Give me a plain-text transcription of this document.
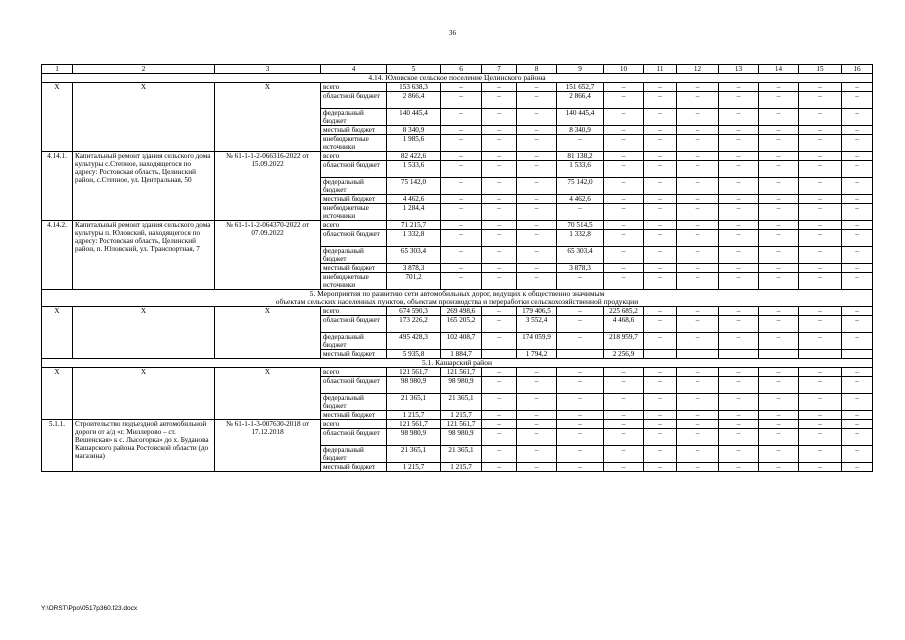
36
1	2	3	4	5	6	7	8	9	10	11	12	13	14	15	16
4.14. Юловское сельское поселение Целинского района															
X	X	X	всего	153 638,3	–	–	–	151 652,7	–	–	–	–	–	–	–
			областной бюджет	2 866,4	–	–	–	2 866,4	–	–	–	–	–	–	–
			федеральный бюджет	140 445,4	–	–	–	140 445,4	–	–	–	–	–	–	–
			местный бюджет	8 340,9	–	–	–	8 340,9	–	–	–	–	–	–	–
			внебюджетные источники	1 985,6	–	–	–	–	–	–	–	–	–	–	–
4.14.1.	Капитальный ремонт здания сельского дома культуры с.Степное, находящегося по адресу: Ростовская область, Целинский район, с.Степное, ул. Центральная, 50	№ 61-1-1-2-066316-2022 от 15.09.2022	всего	82 422,6	–	–	–	81 138,2	–	–	–	–	–	–	–
			областной бюджет	1 533,6	–	–	–	1 533,6	–	–	–	–	–	–	–
			федеральный бюджет	75 142,0	–	–	–	75 142,0	–	–	–	–	–	–	–
			местный бюджет	4 462,6	–	–	–	4 462,6	–	–	–	–	–	–	–
			внебюджетные источники	1 284,4	–	–	–	–	–	–	–	–	–	–	–
4.14.2.	Капитальный ремонт здания сельского дома культуры п. Юловский, находящегося по адресу: Ростовская область, Целинский район, п. Юловский, ул. Транспортная, 7	№ 61-1-1-2-064370-2022 от 07.09.2022	всего	71 215,7	–	–	–	70 514,5	–	–	–	–	–	–	–
			областной бюджет	1 332,8	–	–	–	1 332,8	–	–	–	–	–	–	–
			федеральный бюджет	65 303,4	–	–	–	65 303,4	–	–	–	–	–	–	–
			местный бюджет	3 878,3	–	–	–	3 878,3	–	–	–	–	–	–	–
			внебюджетные источники	701,2	–	–	–	–	–	–	–	–	–	–	–

5. Мероприятия по развитию сети автомобильных дорог, ведущих к общественно значимым
объектам сельских населенных пунктов, объектам производства и переработки сельскохозяйственной продукции															

X	X	X	всего	674 590,3	269 498,6	–	179 406,5	–	225 685,2	–	–	–	–	–	–
			областной бюджет	173 226,2	165 205,2	–	3 552,4	–	4 468,6	–	–	–	–	–	–
			федеральный бюджет	495 428,3	102 408,7	–	174 059,9	–	218 959,7	–	–	–	–	–	–
			местный бюджет	5 935,8	1 884,7		1 794,2		2 256,9						
5.1. Кашарский район															
X	X	X	всего	121 561,7	121 561,7	–	–	–	–	–	–	–	–	–	–
			областной бюджет	98 980,9	98 980,9	–	–	–	–	–	–	–	–	–	–
			федеральный бюджет	21 365,1	21 365,1	–	–	–	–	–	–	–	–	–	–
			местный бюджет	1 215,7	1 215,7	–	–	–	–	–	–	–	–	–	–
5.1.1.	Строительство подъездной автомобильной дороги от а/д «г. Миллерово – ст. Вешенская» к с. Лысогорка» до х. Буданова Кашарского района Ростовской области (до магазина)	№ 61-1-1-3-007630-2018 от 17.12.2018	всего	121 561,7	121 561,7	–	–	–	–	–	–	–	–	–	–
			областной бюджет	98 980,9	98 980,9	–	–	–	–	–	–	–	–	–	–
			федеральный бюджет	21 365,1	21 365,1	–	–	–	–	–	–	–	–	–	–
			местный бюджет	1 215,7	1 215,7	–	–	–	–	–	–	–	–	–	–
Y:\ORST\Ppo\0517p360.f23.docx
